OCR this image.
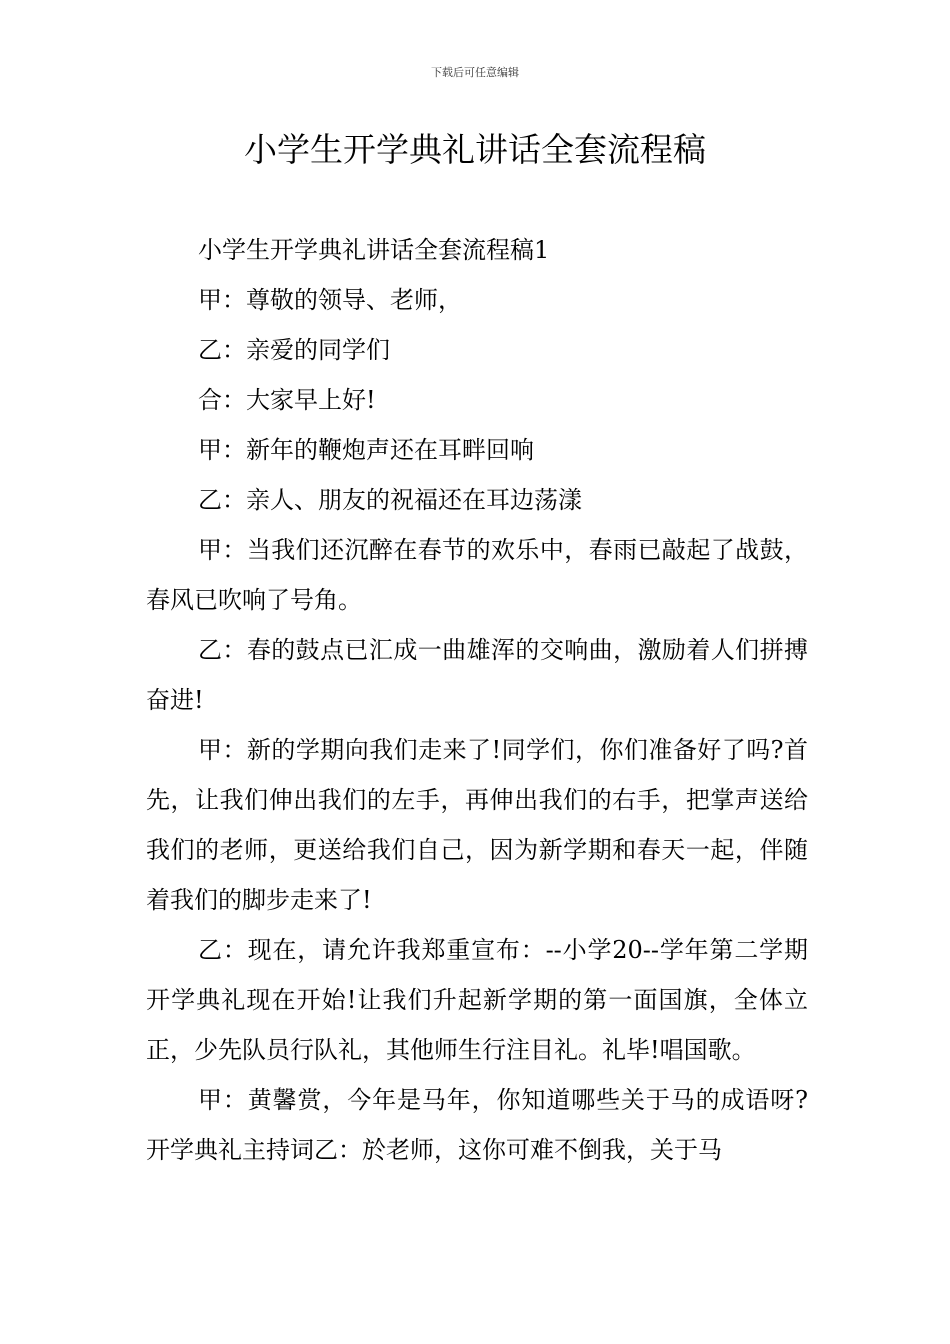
下载后可任意编辑
小学生开学典礼讲话全套流程稿

小学生开学典礼讲话全套流程稿1

甲：尊敬的领导、老师，

乙：亲爱的同学们

合：大家早上好!

甲：新年的鞭炮声还在耳畔回响

乙：亲人、朋友的祝福还在耳边荡漾

甲：当我们还沉醉在春节的欢乐中，春雨已敲起了战鼓，春风已吹响了号角。

乙：春的鼓点已汇成一曲雄浑的交响曲，激励着人们拼搏奋进!

甲：新的学期向我们走来了!同学们，你们准备好了吗?首先，让我们伸出我们的左手，再伸出我们的右手，把掌声送给我们的老师，更送给我们自己，因为新学期和春天一起，伴随着我们的脚步走来了!

乙：现在，请允许我郑重宣布：--小学20--学年第二学期开学典礼现在开始!让我们升起新学期的第一面国旗，全体立正，少先队员行队礼，其他师生行注目礼。礼毕!唱国歌。

甲：黄馨赏，今年是马年，你知道哪些关于马的成语呀?开学典礼主持词乙：於老师，这你可难不倒我，关于马
